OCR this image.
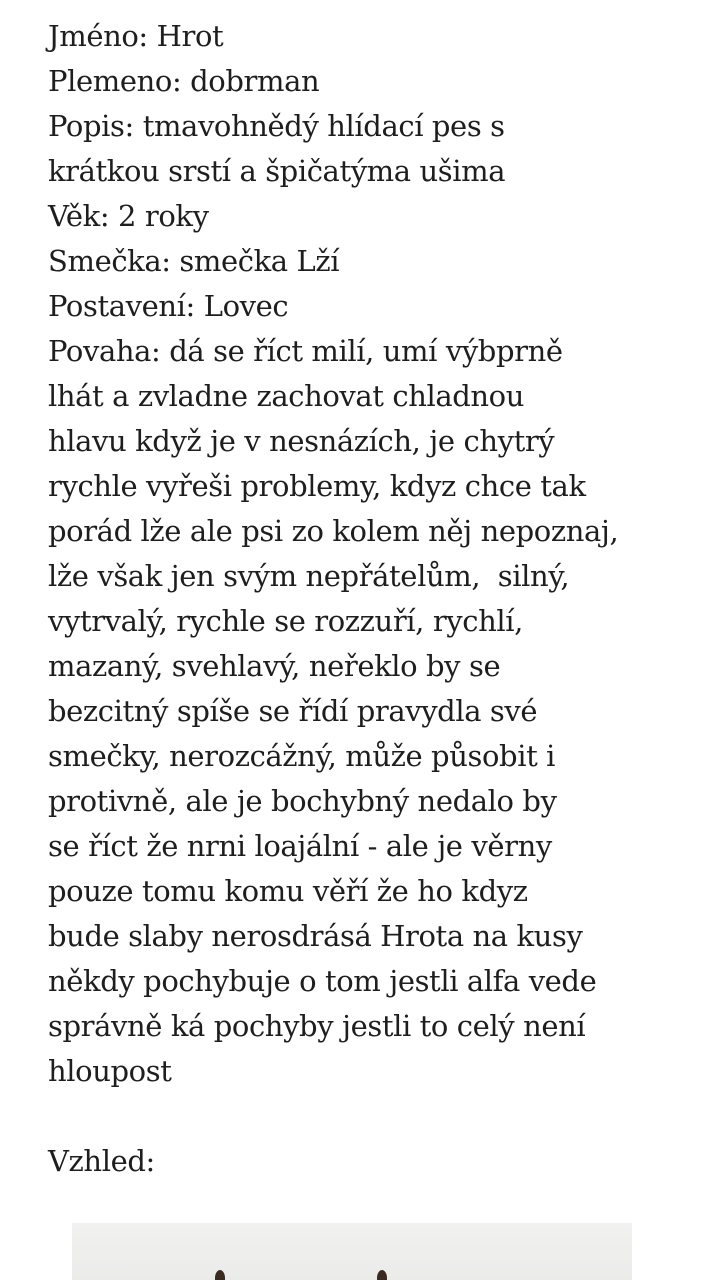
Jméno: Hrot
Plemeno: dobrman
Popis: tmavohnědý hlídací pes s
krátkou srstí a špičatýma ušima
Věk: 2 roky
Smečka: smečka Lží
Postavení: Lovec
Povaha: dá se říct milí, umí výbprně
lhát a zvladne zachovat chladnou
hlavu když je v nesnázích, je chytrý
rychle vyřeši problemy, kdyz chce tak
porád lže ale psi zo kolem něj nepoznaj,
lže však jen svým nepřátelům,  silný,
vytrvalý, rychle se rozzuří, rychlí,
mazaný, svehlavý, neřeklo by se
bezcitný spíše se řídí pravydla své
smečky, nerozcážný, může působit i
protivně, ale je bochybný nedalo by
se říct že nrni loajální - ale je věrny
pouze tomu komu věří že ho kdyz
bude slaby nerosdrásá Hrota na kusy
někdy pochybuje o tom jestli alfa vede
správně ká pochyby jestli to celý není
hloupost
Vzhled:
